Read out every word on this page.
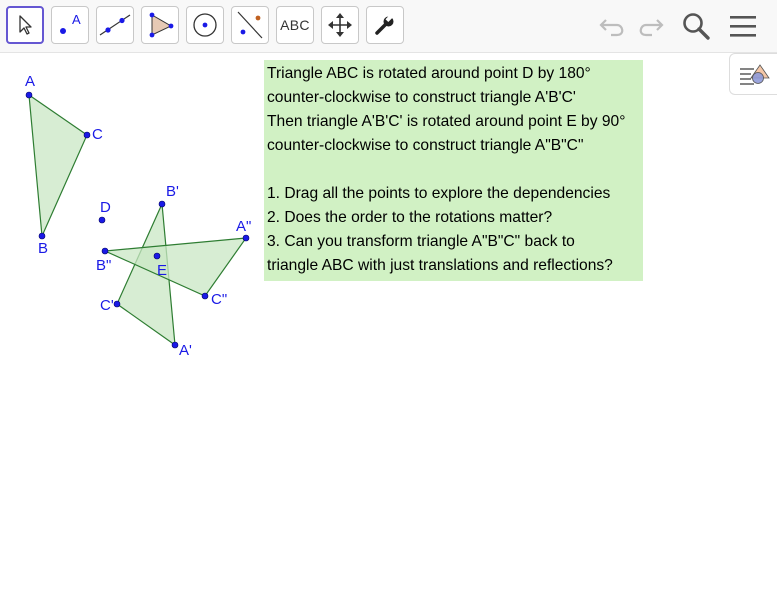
A	ABC
A
B
C
D
B'
A"
B"	E
C'	C"
A'
Triangle ABC is rotated around point D by 180°
counter-clockwise to construct triangle A'B'C'
Then triangle A'B'C' is rotated around point E by 90°
counter-clockwise to construct triangle A"B"C"
1. Drag all the points to explore the dependencies
2. Does the order to the rotations matter?
3. Can you transform triangle A"B"C" back to
triangle ABC with just translations and reflections?
